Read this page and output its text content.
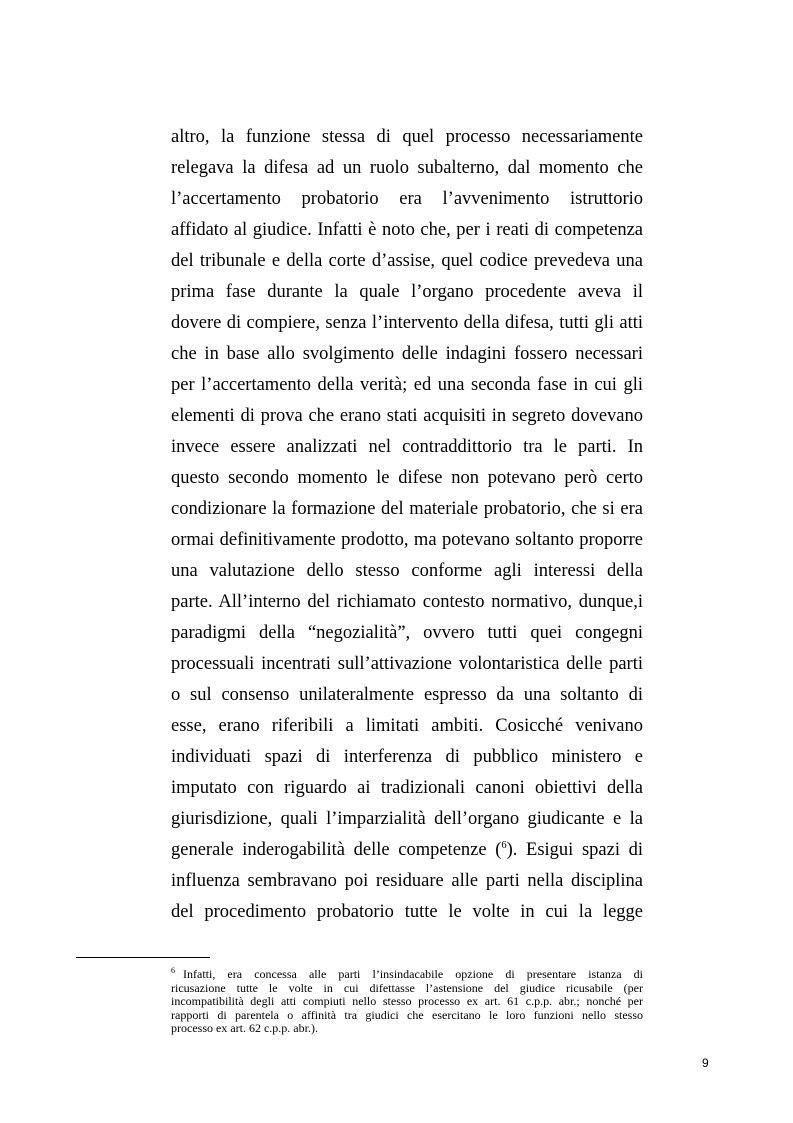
altro, la funzione stessa di quel processo necessariamente
relegava la difesa ad un ruolo subalterno, dal momento che
l’accertamento probatorio era l’avvenimento istruttorio
affidato al giudice. Infatti è noto che, per i reati di competenza
del tribunale e della corte d’assise, quel codice prevedeva una
prima fase durante la quale l’organo procedente aveva il
dovere di compiere, senza l’intervento della difesa, tutti gli atti
che in base allo svolgimento delle indagini fossero necessari
per l’accertamento della verità; ed una seconda fase in cui gli
elementi di prova che erano stati acquisiti in segreto dovevano
invece essere analizzati nel contraddittorio tra le parti. In
questo secondo momento le difese non potevano però certo
condizionare la formazione del materiale probatorio, che si era
ormai definitivamente prodotto, ma potevano soltanto proporre
una valutazione dello stesso conforme agli interessi della
parte. All’interno del richiamato contesto normativo, dunque,i
paradigmi della “negozialità”, ovvero tutti quei congegni
processuali incentrati sull’attivazione volontaristica delle parti
o sul consenso unilateralmente espresso da una soltanto di
esse, erano riferibili a limitati ambiti. Cosicché venivano
individuati spazi di interferenza di pubblico ministero e
imputato con riguardo ai tradizionali canoni obiettivi della
giurisdizione, quali l’imparzialità dell’organo giudicante e la
generale inderogabilità delle competenze ($^6$). Esigui spazi di
influenza sembravano poi residuare alle parti nella disciplina
del procedimento probatorio tutte le volte in cui la legge
$^6$ Infatti, era concessa alle parti l’insindacabile opzione di presentare istanza di
ricusazione tutte le volte in cui difettasse l’astensione del giudice ricusabile (per
incompatibilità degli atti compiuti nello stesso processo ex art. 61 c.p.p. abr.; nonché per
rapporti di parentela o affinità tra giudici che esercitano le loro funzioni nello stesso
processo ex art. 62 c.p.p. abr.).
9
